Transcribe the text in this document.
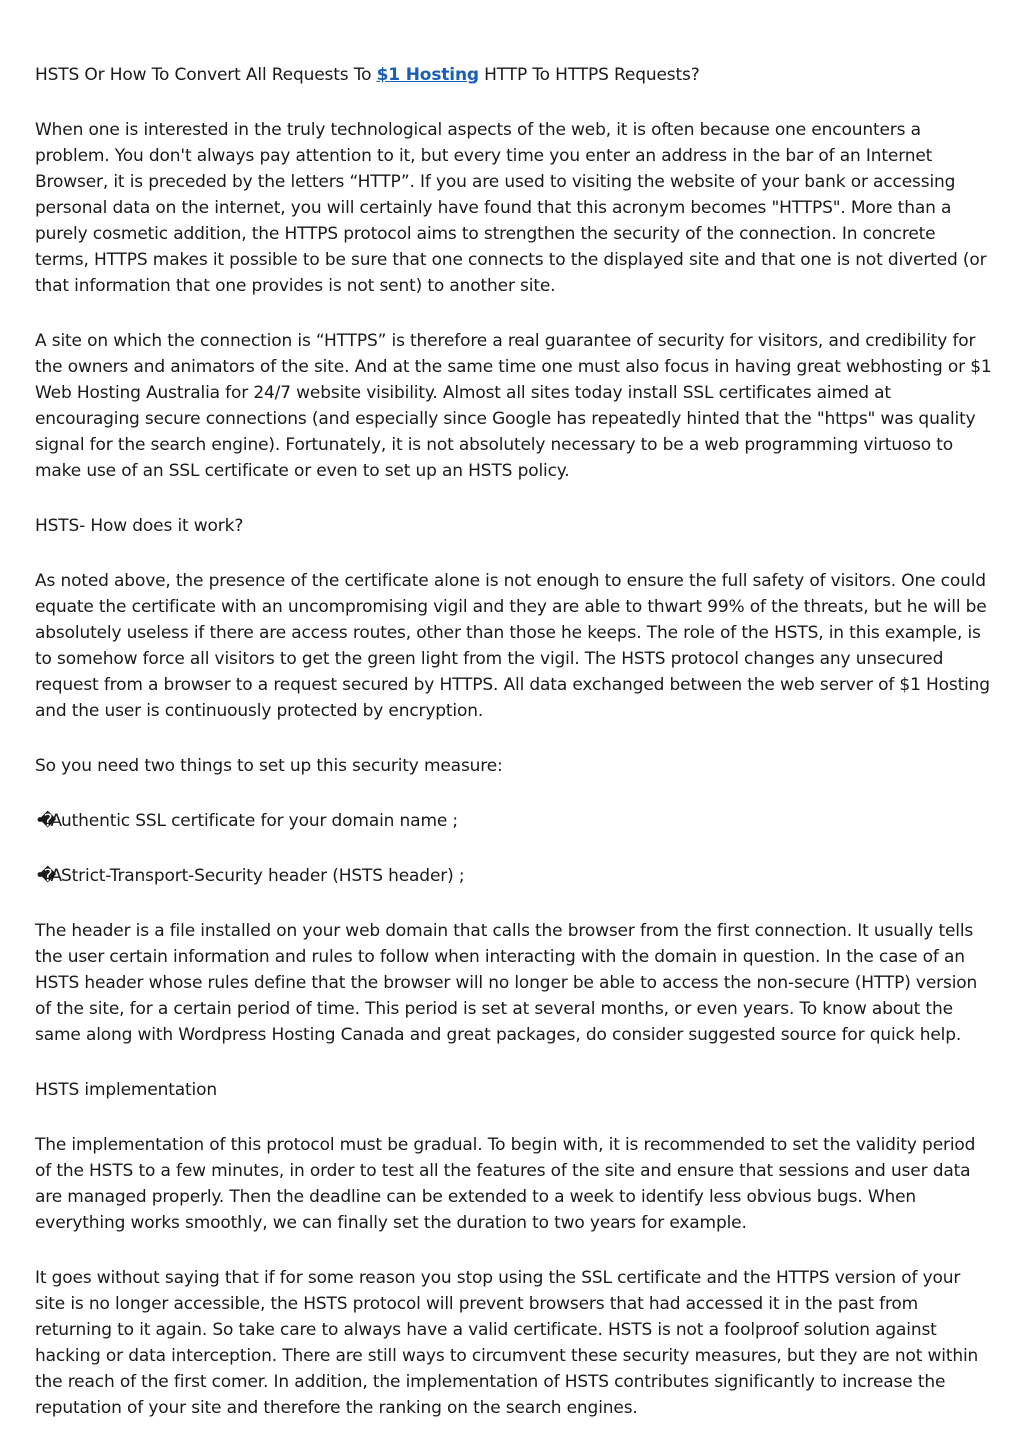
HSTS Or How To Convert All Requests To $1 Hosting HTTP To HTTPS Requests?

When one is interested in the truly technological aspects of the web, it is often because one encounters a problem. You don't always pay attention to it, but every time you enter an address in the bar of an Internet Browser, it is preceded by the letters “HTTP”. If you are used to visiting the website of your bank or accessing personal data on the internet, you will certainly have found that this acronym becomes "HTTPS". More than a purely cosmetic addition, the HTTPS protocol aims to strengthen the security of the connection. In concrete terms, HTTPS makes it possible to be sure that one connects to the displayed site and that one is not diverted (or that information that one provides is not sent) to another site.

A site on which the connection is “HTTPS” is therefore a real guarantee of security for visitors, and credibility for the owners and animators of the site. And at the same time one must also focus in having great webhosting or $1 Web Hosting Australia for 24/7 website visibility. Almost all sites today install SSL certificates aimed at encouraging secure connections (and especially since Google has repeatedly hinted that the "https" was quality signal for the search engine). Fortunately, it is not absolutely necessary to be a web programming virtuoso to make use of an SSL certificate or even to set up an HSTS policy.

HSTS- How does it work?

As noted above, the presence of the certificate alone is not enough to ensure the full safety of visitors. One could equate the certificate with an uncompromising vigil and they are able to thwart 99% of the threats, but he will be absolutely useless if there are access routes, other than those he keeps. The role of the HSTS, in this example, is to somehow force all visitors to get the green light from the vigil. The HSTS protocol changes any unsecured request from a browser to a request secured by HTTPS. All data exchanged between the web server of $1 Hosting and the user is continuously protected by encryption.

So you need two things to set up this security measure:

•�A uthentic SSL certificate for your domain name ;

•�A Strict-Transport-Security header (HSTS header) ;

The header is a file installed on your web domain that calls the browser from the first connection. It usually tells the user certain information and rules to follow when interacting with the domain in question. In the case of an HSTS header whose rules define that the browser will no longer be able to access the non-secure (HTTP) version of the site, for a certain period of time. This period is set at several months, or even years. To know about the same along with Wordpress Hosting Canada and great packages, do consider suggested source for quick help.

HSTS implementation

The implementation of this protocol must be gradual. To begin with, it is recommended to set the validity period of the HSTS to a few minutes, in order to test all the features of the site and ensure that sessions and user data are managed properly. Then the deadline can be extended to a week to identify less obvious bugs. When everything works smoothly, we can finally set the duration to two years for example.

It goes without saying that if for some reason you stop using the SSL certificate and the HTTPS version of your site is no longer accessible, the HSTS protocol will prevent browsers that had accessed it in the past from returning to it again. So take care to always have a valid certificate. HSTS is not a foolproof solution against hacking or data interception. There are still ways to circumvent these security measures, but they are not within the reach of the first comer. In addition, the implementation of HSTS contributes significantly to increase the reputation of your site and therefore the ranking on the search engines.
